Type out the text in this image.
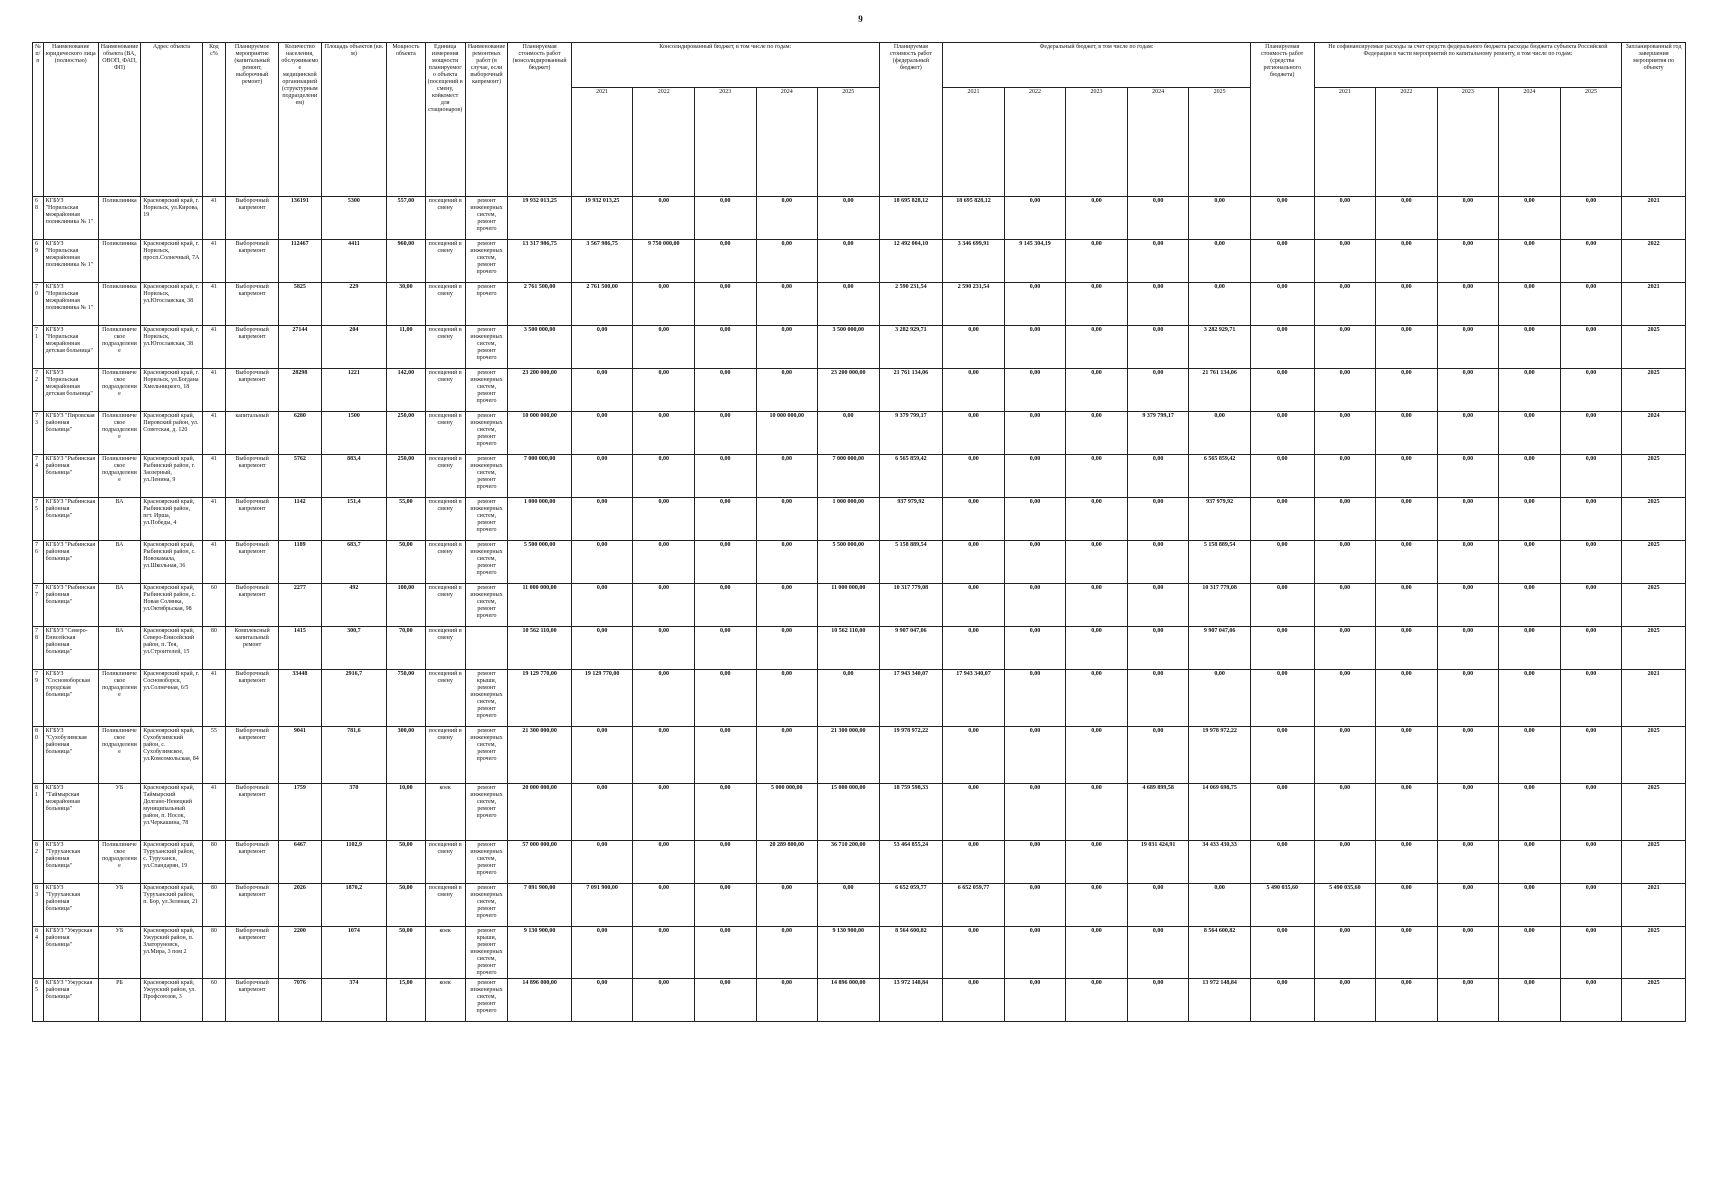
9
№ п/п	Наименование юридического лица (полностью)	Наименование объекта (ВА, ОВОП, ФАП, ФП)	Адрес объекта	Код с%	Планируемое мероприятие (капитальный ремонт, выборочный ремонт)	Количество населения, обслуживаемое медицинской организацией (структурным подразделением)	Площадь объектов (кв. м)	Мощность объекта	Единица измерения мощности планируемого объекта (посещений в смену, койкомест для стационаров)	Наименование ремонтных работ (в случае, если выборочный капремонт)	Планируемая стоимость работ (консолидированный бюджет)	Консолидированный бюджет, в том числе по годам:					Планируемая стоимость работ (федеральный бюджет)	Федеральный бюджет, в том числе по годам:					Планируемая стоимость работ (средства регионального бюджета)	Не софинансируемые расходы за счет средств федерального бюджета расходы бюджета субъекта Российской Федерации в части мероприятий по капитальному ремонту, в том числе по годам:					Запланированный год завершения мероприятия по объекту
												2021	2022	2023	2024	2025		2021	2022	2023	2024	2025		2021	2022	2023	2024	2025	
68	КГБУЗ "Норильская межрайонная поликлиника № 1"	Поликлиника	Красноярский край, г. Норильск, ул.Кирова, 19	41	Выборочный капремонт	136191	5300	557,00	посещений в смену	ремонт инженерных систем, ремонт прочего	19 932 013,25	19 932 013,25	0,00	0,00	0,00	0,00	18 695 828,12	18 695 828,12	0,00	0,00	0,00	0,00	0,00	0,00	0,00	0,00	0,00	0,00	2021
69	КГБУЗ "Норильская межрайонная поликлиника № 1"	Поликлиника	Красноярский край, г. Норильск, просп.Солнечный, 7А	41	Выборочный капремонт	112467	4411	960,00	посещений в смену	ремонт инженерных систем, ремонт прочего	13 317 986,75	3 567 986,75	9 750 000,00	0,00	0,00	0,00	12 492 004,10	3 346 699,91	9 145 304,19	0,00	0,00	0,00	0,00	0,00	0,00	0,00	0,00	0,00	2022
70	КГБУЗ "Норильская межрайонная поликлиника № 1"	Поликлиника	Красноярский край, г. Норильск, ул.Югославская, 38	41	Выборочный капремонт	5825	229	30,00	посещений в смену	ремонт прочего	2 761 500,00	2 761 500,00	0,00	0,00	0,00	0,00	2 590 231,54	2 590 231,54	0,00	0,00	0,00	0,00	0,00	0,00	0,00	0,00	0,00	0,00	2021
71	КГБУЗ "Норильская межрайонная детская больница"	Поликлиническое подразделение	Красноярский край, г. Норильск, ул.Югославская, 38	41	Выборочный капремонт	27144	204	11,00	посещений в смену	ремонт инженерных систем, ремонт прочего	3 500 000,00	0,00	0,00	0,00	0,00	3 500 000,00	3 282 929,71	0,00	0,00	0,00	0,00	3 282 929,71	0,00	0,00	0,00	0,00	0,00	0,00	2025
72	КГБУЗ "Норильская межрайонная детская больница"	Поликлиническое подразделение	Красноярский край, г. Норильск, ул.Богдана Хмельницкого, 18	41	Выборочный капремонт	28298	1221	142,00	посещений в смену	ремонт инженерных систем, ремонт прочего	23 200 000,00	0,00	0,00	0,00	0,00	23 200 000,00	21 761 134,06	0,00	0,00	0,00	0,00	21 761 134,06	0,00	0,00	0,00	0,00	0,00	0,00	2025
73	КГБУЗ "Пировская районная больница"	Поликлиническое подразделение	Красноярский край, Пировский район, ул. Советская, д. 120	41	капитальный	6280	1500	250,00	посещений в смену	ремонт инженерных систем, ремонт прочего	10 000 000,00	0,00	0,00	0,00	10 000 000,00	0,00	9 379 799,17	0,00	0,00	0,00	9 379 799,17	0,00	0,00	0,00	0,00	0,00	0,00	0,00	2024
74	КГБУЗ "Рыбинская районная больница"	Поликлиническое подразделение	Красноярский край, Рыбинский район, г. Заозерный, ул.Ленина, 9	41	Выборочный капремонт	5762	883,4	250,00	посещений в смену	ремонт инженерных систем, ремонт прочего	7 000 000,00	0,00	0,00	0,00	0,00	7 000 000,00	6 565 859,42	0,00	0,00	0,00	0,00	6 565 859,42	0,00	0,00	0,00	0,00	0,00	0,00	2025
75	КГБУЗ "Рыбинская районная больница"	ВА	Красноярский край, Рыбинский район, пгт. Ирша, ул.Победы, 4	41	Выборочный капремонт	1142	151,4	55,00	посещений в смену	ремонт инженерных систем, ремонт прочего	1 000 000,00	0,00	0,00	0,00	0,00	1 000 000,00	937 979,92	0,00	0,00	0,00	0,00	937 979,92	0,00	0,00	0,00	0,00	0,00	0,00	2025
76	КГБУЗ "Рыбинская районная больница"	ВА	Красноярский край, Рыбинский район, с. Новокамала, ул.Школьная, 36	41	Выборочный капремонт	1189	683,7	50,00	посещений в смену	ремонт инженерных систем, ремонт прочего	5 500 000,00	0,00	0,00	0,00	0,00	5 500 000,00	5 158 889,54	0,00	0,00	0,00	0,00	5 158 889,54	0,00	0,00	0,00	0,00	0,00	0,00	2025
77	КГБУЗ "Рыбинская районная больница"	ВА	Красноярский край, Рыбинский район, с. Новая Солянка, ул.Октябрьская, 98	60	Выборочный капремонт	2277	492	100,00	посещений в смену	ремонт инженерных систем, ремонт прочего	11 000 000,00	0,00	0,00	0,00	0,00	11 000 000,00	10 317 779,08	0,00	0,00	0,00	0,00	10 317 779,08	0,00	0,00	0,00	0,00	0,00	0,00	2025
78	КГБУЗ "Северо-Енисейская районная больница"	ВА	Красноярский край, Северо-Енисейский район, п. Тея, ул.Строителей, 15	80	Комплексный капитальный ремонт	1415	300,7	70,00	посещений в смену		10 562 110,00	0,00	0,00	0,00	0,00	10 562 110,00	9 907 047,06	0,00	0,00	0,00	0,00	9 907 047,06	0,00	0,00	0,00	0,00	0,00	0,00	2025
79	КГБУЗ "Сосновоборская городская больница"	Поликлиническое подразделение	Красноярский край, г. Сосновоборск, ул.Солнечная, 6/5	41	Выборочный капремонт	33448	2916,7	750,00	посещений в смену	ремонт крыши, ремонт инженерных систем, ремонт прочего	19 129 770,00	19 129 770,00	0,00	0,00	0,00	0,00	17 943 340,07	17 943 340,07	0,00	0,00	0,00	0,00	0,00	0,00	0,00	0,00	0,00	0,00	2021
80	КГБУЗ "Сухобузимская районная больница"	Поликлиническое подразделение	Красноярский край, Сухобузимский район, с. Сухобузимское, ул.Комсомольская, 84	55	Выборочный капремонт	9041	781,6	300,00	посещений в смену	ремонт инженерных систем, ремонт прочего	21 300 000,00	0,00	0,00	0,00	0,00	21 300 000,00	19 978 972,22	0,00	0,00	0,00	0,00	19 978 972,22	0,00	0,00	0,00	0,00	0,00	0,00	2025
81	КГБУЗ "Таймырская межрайонная больница"	УБ	Красноярский край, Таймырский Долгано-Ненецкий муниципальный район, п. Носок, ул.Черкашина, 78	41	Выборочный капремонт	1759	370	10,00	коек	ремонт инженерных систем, ремонт прочего	20 000 000,00	0,00	0,00	0,00	5 000 000,00	15 000 000,00	18 759 598,33	0,00	0,00	0,00	4 689 899,58	14 069 698,75	0,00	0,00	0,00	0,00	0,00	0,00	2025
82	КГБУЗ "Туруханская районная больница"	Поликлиническое подразделение	Красноярский край, Туруханский район, с. Туруханск, ул.Спандарян, 19	80	Выборочный капремонт	6467	1102,9	50,00	посещений в смену	ремонт инженерных систем, ремонт прочего	57 000 000,00	0,00	0,00	0,00	20 289 800,00	36 710 200,00	53 464 855,24	0,00	0,00	0,00	19 031 424,91	34 433 430,33	0,00	0,00	0,00	0,00	0,00	0,00	2025
83	КГБУЗ "Туруханская районная больница"	УБ	Красноярский край, Туруханский район, п. Бор, ул.Зеленая, 21	80	Выборочный капремонт	2026	1870,2	50,00	посещений в смену	ремонт инженерных систем, ремонт прочего	7 091 900,00	7 091 900,00	0,00	0,00	0,00	0,00	6 652 059,77	6 652 059,77	0,00	0,00	0,00	0,00	5 490 035,60	5 490 035,60	0,00	0,00	0,00	0,00	2021
84	КГБУЗ "Ужурская районная больница"	УБ	Красноярский край, Ужурский район, п. Златоруновск, ул.Мира, 3 пом 2	80	Выборочный капремонт	2200	1074	50,00	коек	ремонт крыши, ремонт инженерных систем, ремонт прочего	9 130 900,00	0,00	0,00	0,00	0,00	9 130 900,00	8 564 600,82	0,00	0,00	0,00	0,00	8 564 600,82	0,00	0,00	0,00	0,00	0,00	0,00	2025
85	КГБУЗ "Ужурская районная больница"	РБ	Красноярский край, Ужурский район, ул. Профсоюзов, 3	60	Выборочный капремонт	7076	374	15,00	коек	ремонт инженерных систем, ремонт прочего	14 896 000,00	0,00	0,00	0,00	0,00	14 896 000,00	13 972 148,84	0,00	0,00	0,00	0,00	13 972 148,84	0,00	0,00	0,00	0,00	0,00	0,00	2025
